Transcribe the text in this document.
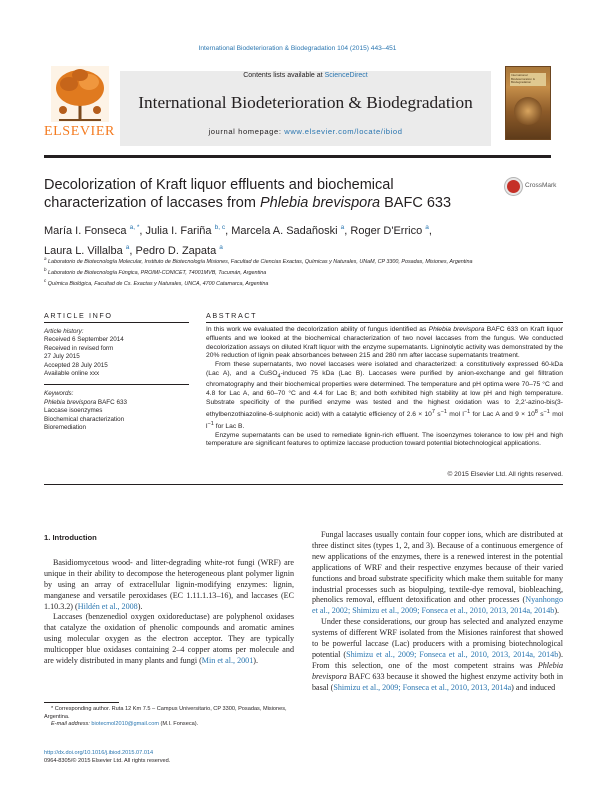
International Biodeterioration & Biodegradation 104 (2015) 443–451
ELSEVIER
Contents lists available at ScienceDirect
International Biodeterioration & Biodegradation
journal homepage: www.elsevier.com/locate/ibiod
International Biodeterioration & Biodegradation
Decolorization of Kraft liquor effluents and biochemical
characterization of laccases from Phlebia brevispora BAFC 633
CrossMark
María I. Fonseca $^{a, *}$, Julia I. Fariña $^{b, c}$, Marcela A. Sadañoski $^a$, Roger D'Errico $^a$,
Laura L. Villalba $^a$, Pedro D. Zapata $^a$
$^a$ Laboratorio de Biotecnología Molecular, Instituto de Biotecnología Misiones, Facultad de Ciencias Exactas, Químicas y Naturales, UNaM, CP 3300, Posadas, Misiones, Argentina
$^b$ Laboratorio de Biotecnología Fúngica, PROIMI-CONICET, T4001MVB, Tucumán, Argentina
$^c$ Química Biológica, Facultad de Cs. Exactas y Naturales, UNCA, 4700 Catamarca, Argentina
ARTICLE INFO	ABSTRACT
Article history:
Received 6 September 2014
Received in revised form
27 July 2015
Accepted 28 July 2015
Available online xxx
Keywords:
Phlebia brevispora BAFC 633
Laccase isoenzymes
Biochemical characterization
Bioremediation

In this work we evaluated the decolorization ability of fungus identified as Phlebia brevispora BAFC 633 on Kraft liquor effluents and we looked at the biochemical characterization of two novel laccases from the fungus. We conducted decolorization assays on diluted Kraft liquor with the enzyme supernatants. Ligninolytic activity was demonstrated by the 20% reduction of lignin peak absorbances between 215 and 280 nm after laccase supernatants treatment.

From these supernatants, two novel laccases were isolated and characterized: a constitutively expressed 60-kDa (Lac A), and a CuSO$_4$-induced 75 kDa (Lac B). Laccases were purified by anion-exchange and gel filltration chromatography and their biochemical properties were determined. The temperature and pH optima were 70–75 °C and 4.8 for Lac A, and 60–70 °C and 4.4 for Lac B; and both exhibited high stability at low pH and high temperature. Substrate specificity of the purified enzyme was tested and the highest oxidation was to 2,2′-azino-bis(3-ethylbenzothiazoline-6-sulphonic acid) with a catalytic efficiency of $2.6 \times 10^7$ $s^{-1}$ mol $l^{-1}$ for Lac A and $9 \times 10^8$ $s^{-1}$ mol $l^{-1}$ for Lac B.

Enzyme supernatants can be used to remediate lignin-rich effluent. The isoenzymes tolerance to low pH and high temperature are significant features to optimize laccase production toward potential biotechnological applications.

© 2015 Elsevier Ltd. All rights reserved.
1. Introduction

Basidiomycetous wood- and litter-degrading white-rot fungi (WRF) are unique in their ability to decompose the heterogeneous plant polymer lignin by using an array of extracellular lignin-modifying enzymes: lignin, manganese and versatile peroxidases (EC 1.11.1.13–16), and laccases (EC 1.10.3.2) (Hildén et al., 2008).

Laccases (benzenediol oxygen oxidoreductase) are polyphenol oxidases that catalyze the oxidation of phenolic compounds and aromatic amines using molecular oxygen as the electron acceptor. They are typically multicopper blue oxidases containing 2–4 copper atoms per molecule and are widely distributed in many plants and fungi (Min et al., 2001).

Fungal laccases usually contain four copper ions, which are distributed at three distinct sites (types 1, 2, and 3). Because of a continuous emergence of new applications of the enzymes, there is a renewed interest in the potential applications of WRF and their respective enzymes because of their varied functions and broad substrate specificity which make them suitable for many industrial processes such as biopulping, textile-dye removal, biobleaching, phenolics removal, effluent detoxification and other processes (Nyanhongo et al., 2002; Shimizu et al., 2009; Fonseca et al., 2010, 2013, 2014a, 2014b).

Under these considerations, our group has selected and analyzed enzyme systems of different WRF isolated from the Misiones rainforest that showed to be powerful laccase (Lac) producers with a promising biotechnological potential (Shimizu et al., 2009; Fonseca et al., 2010, 2013, 2014a, 2014b). From this selection, one of the most competent strains was Phlebia brevispora BAFC 633 because it showed the highest enzyme activity both in basal (Shimizu et al., 2009; Fonseca et al., 2010, 2013, 2014a) and induced

* Corresponding author. Ruta 12 Km 7.5 – Campus Universitario, CP 3300, Posadas, Misiones, Argentina.
E-mail address: biotecmol2010@gmail.com (M.I. Fonseca).
http://dx.doi.org/10.1016/j.ibiod.2015.07.014
0964-8305/© 2015 Elsevier Ltd. All rights reserved.
